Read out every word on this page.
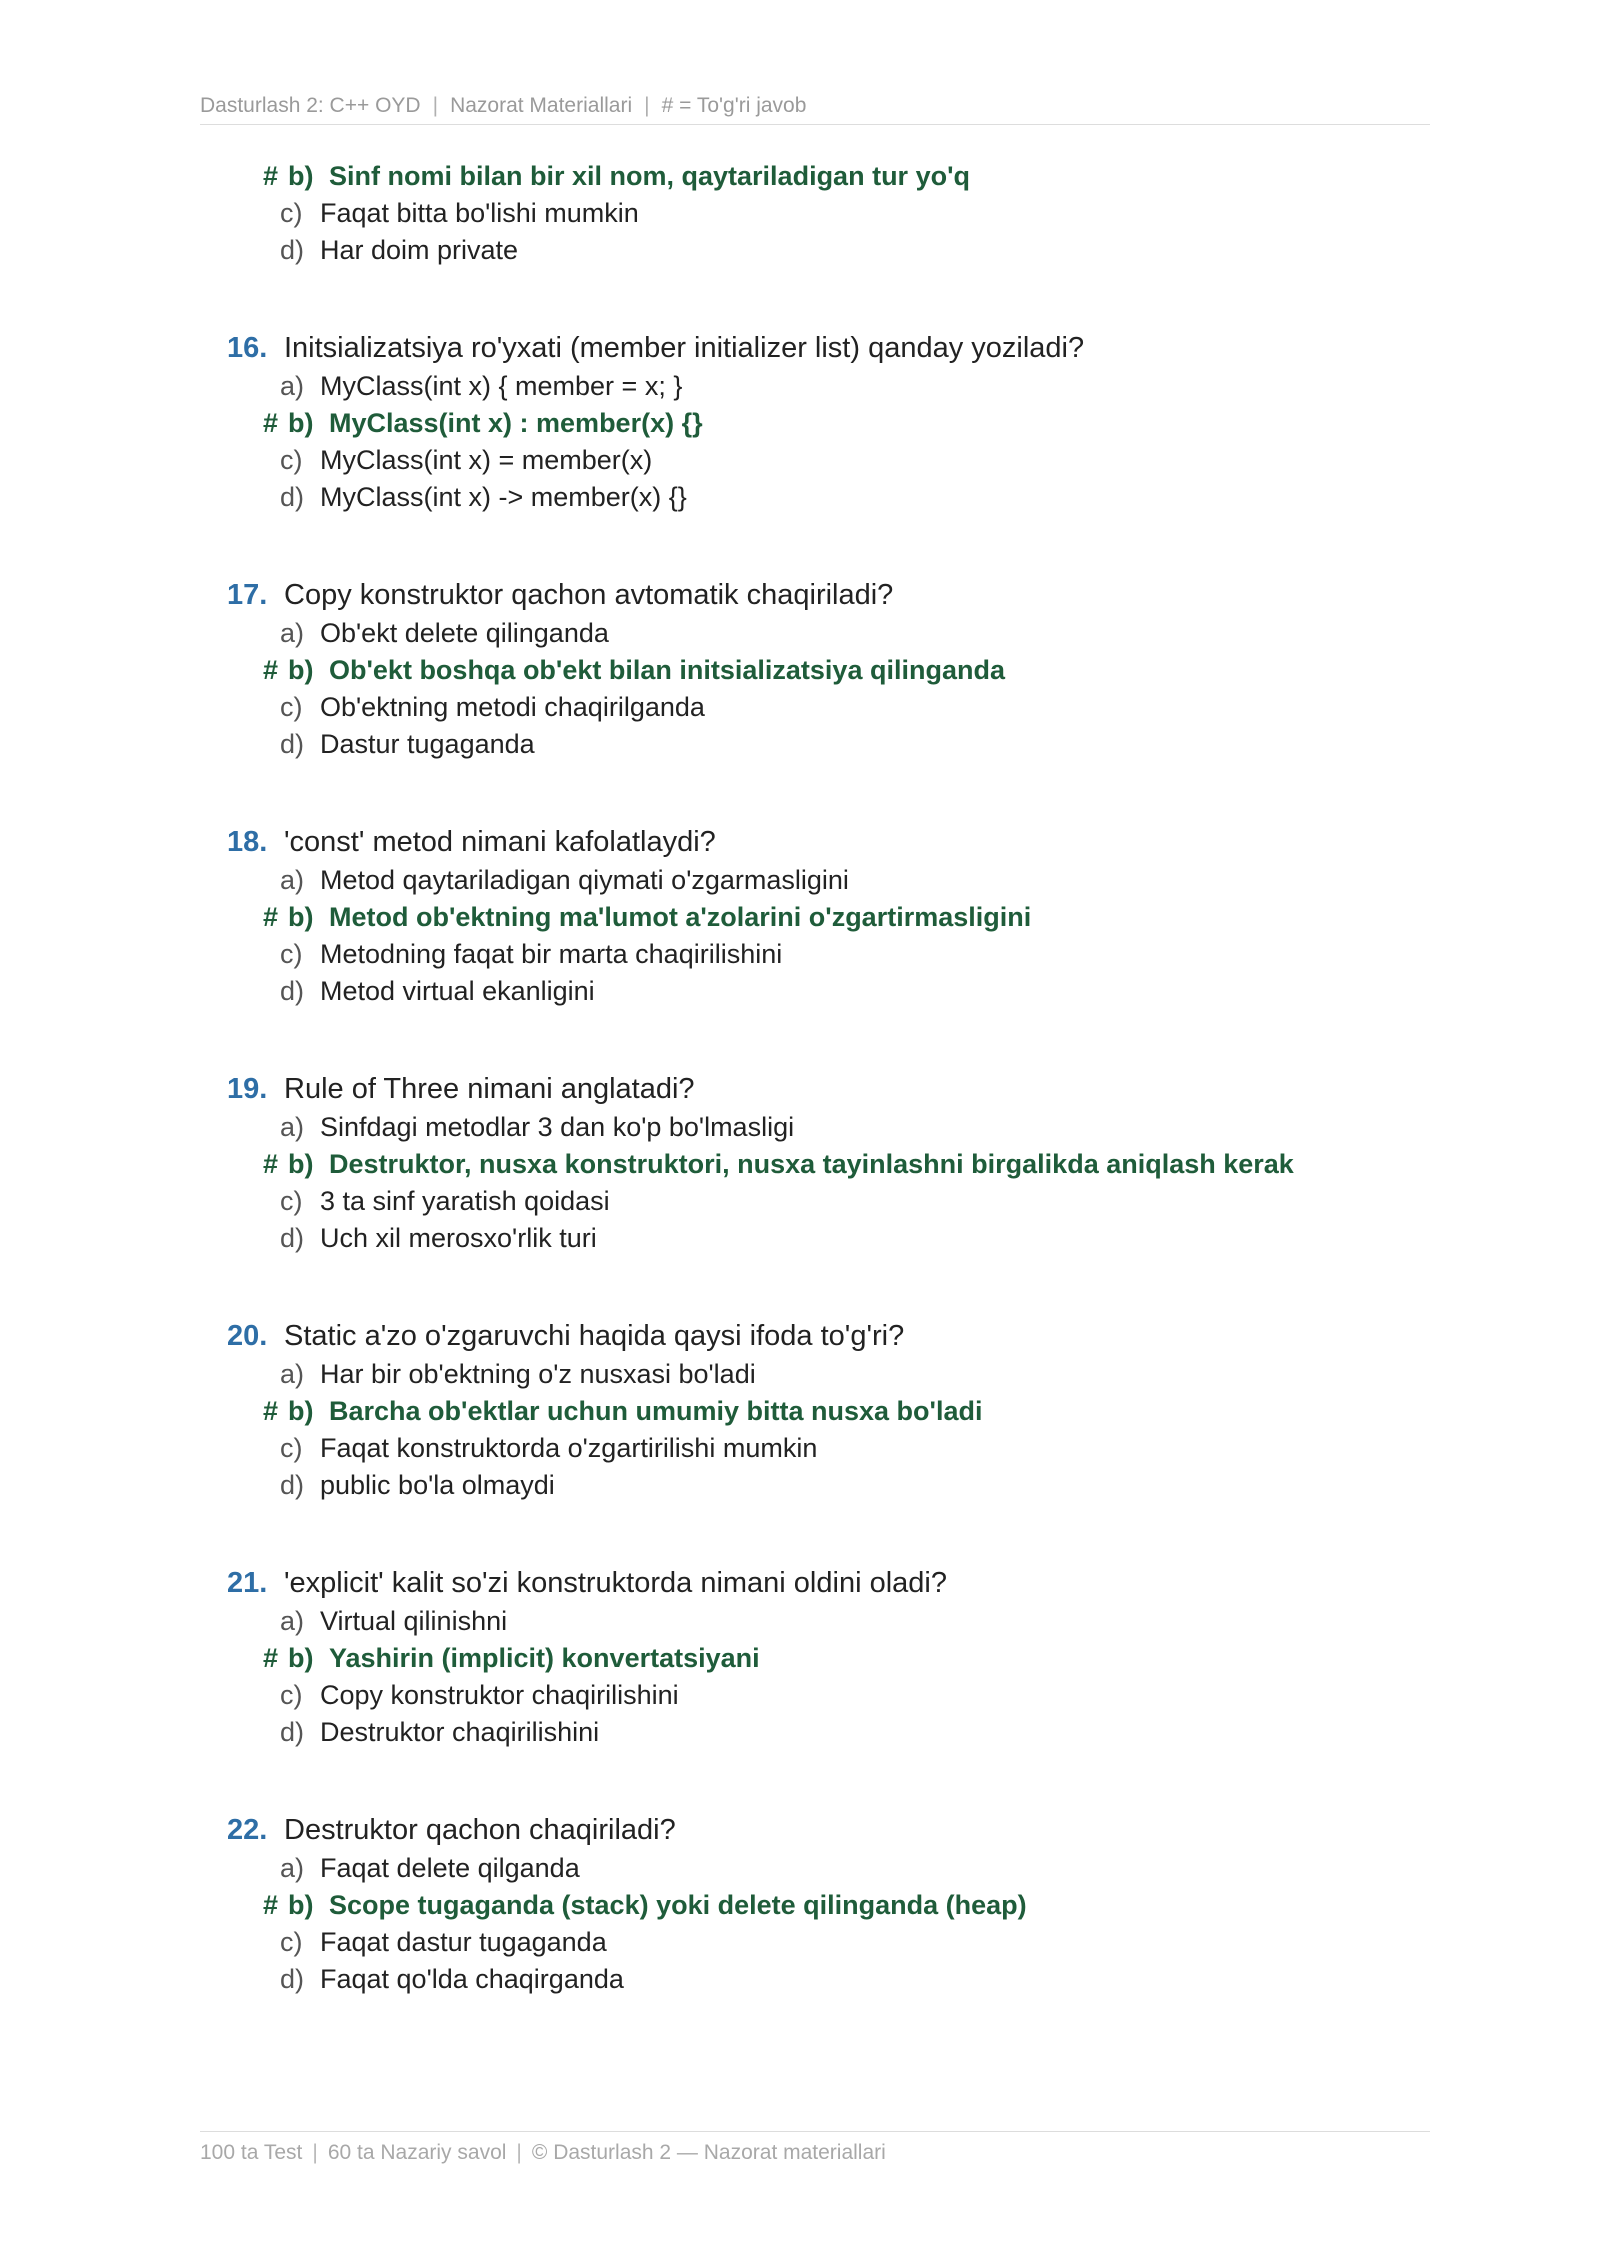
Dasturlash 2: C++ OYD | Nazorat Materiallari | # = To'g'ri javob
# b) Sinf nomi bilan bir xil nom, qaytariladigan tur yo'q
c) Faqat bitta bo'lishi mumkin
d) Har doim private
16. Initsializatsiya ro'yxati (member initializer list) qanday yoziladi?
a) MyClass(int x) { member = x; }
# b) MyClass(int x) : member(x) {}
c) MyClass(int x) = member(x)
d) MyClass(int x) -> member(x) {}
17. Copy konstruktor qachon avtomatik chaqiriladi?
a) Ob'ekt delete qilinganda
# b) Ob'ekt boshqa ob'ekt bilan initsializatsiya qilinganda
c) Ob'ektning metodi chaqirilganda
d) Dastur tugaganda
18. 'const' metod nimani kafolatlaydi?
a) Metod qaytariladigan qiymati o'zgarmasligini
# b) Metod ob'ektning ma'lumot a'zolarini o'zgartirmasligini
c) Metodning faqat bir marta chaqirilishini
d) Metod virtual ekanligini
19. Rule of Three nimani anglatadi?
a) Sinfdagi metodlar 3 dan ko'p bo'lmasligi
# b) Destruktor, nusxa konstruktori, nusxa tayinlashni birgalikda aniqlash kerak
c) 3 ta sinf yaratish qoidasi
d) Uch xil merosxo'rlik turi
20. Static a'zo o'zgaruvchi haqida qaysi ifoda to'g'ri?
a) Har bir ob'ektning o'z nusxasi bo'ladi
# b) Barcha ob'ektlar uchun umumiy bitta nusxa bo'ladi
c) Faqat konstruktorda o'zgartirilishi mumkin
d) public bo'la olmaydi
21. 'explicit' kalit so'zi konstruktorda nimani oldini oladi?
a) Virtual qilinishni
# b) Yashirin (implicit) konvertatsiyani
c) Copy konstruktor chaqirilishini
d) Destruktor chaqirilishini
22. Destruktor qachon chaqiriladi?
a) Faqat delete qilganda
# b) Scope tugaganda (stack) yoki delete qilinganda (heap)
c) Faqat dastur tugaganda
d) Faqat qo'lda chaqirganda
100 ta Test | 60 ta Nazariy savol | © Dasturlash 2 — Nazorat materiallari
